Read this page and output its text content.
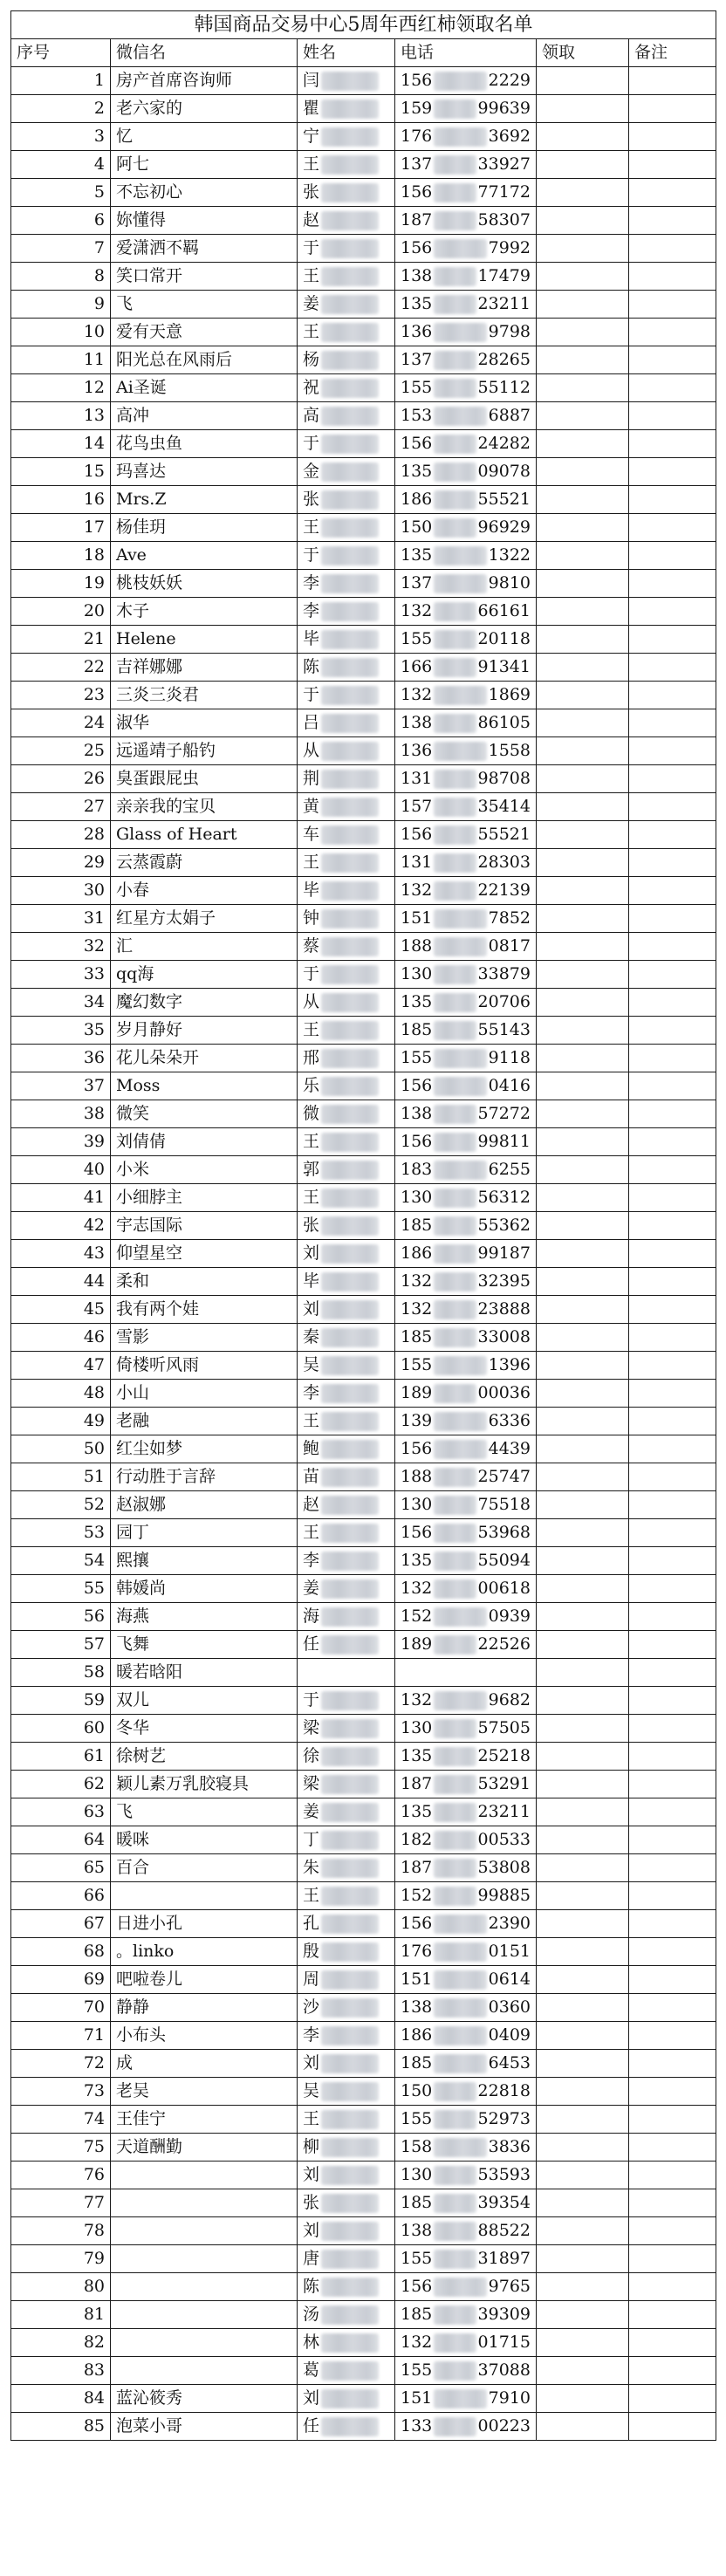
韩国商品交易中心5周年西红柿领取名单					
序号	微信名	姓名	电话	领取	备注
1	房产首席咨询师	闫	156 2229		

2	老六家的	瞿	159 99639		

3	忆	宁	176 3692		

4	阿七	王	137 33927		

5	不忘初心	张	156 77172		

6	妳懂得	赵	187 58307		

7	爱潇洒不羁	于	156 7992		

8	笑口常开	王	138 17479		

9	飞	姜	135 23211		

10	爱有天意	王	136 9798		

11	阳光总在风雨后	杨	137 28265		

12	Ai圣诞	祝	155 55112		

13	高冲	高	153 6887		

14	花鸟虫鱼	于	156 24282		

15	玛喜达	金	135 09078		

16	Mrs.Z	张	186 55521		

17	杨佳玥	王	150 96929		

18	Ave	于	135 1322		

19	桃枝妖妖	李	137 9810		

20	木子	李	132 66161		

21	Helene	毕	155 20118		

22	吉祥娜娜	陈	166 91341		

23	三炎三炎君	于	132 1869		

24	淑华	吕	138 86105		

25	远遥靖子船钓	从	136 1558		

26	臭蛋跟屁虫	荆	131 98708		

27	亲亲我的宝贝	黄	157 35414		

28	Glass of Heart	车	156 55521		

29	云蒸霞蔚	王	131 28303		

30	小春	毕	132 22139		

31	红星方太娟子	钟	151 7852		

32	汇	蔡	188 0817		

33	qq海	于	130 33879		

34	魔幻数字	从	135 20706		

35	岁月静好	王	185 55143		

36	花儿朵朵开	邢	155 9118		

37	Moss	乐	156 0416		

38	微笑	微	138 57272		

39	刘倩倩	王	156 99811		

40	小米	郭	183 6255		

41	小细脖主	王	130 56312		

42	宇志国际	张	185 55362		

43	仰望星空	刘	186 99187		

44	柔和	毕	132 32395		

45	我有两个娃	刘	132 23888		

46	雪影	秦	185 33008		

47	倚楼听风雨	吴	155 1396		

48	小山	李	189 00036		

49	老融	王	139 6336		

50	红尘如梦	鲍	156 4439		

51	行动胜于言辞	苗	188 25747		

52	赵淑娜	赵	130 75518		

53	园丁	王	156 53968		

54	熙攘	李	135 55094		

55	韩媛尚	姜	132 00618		

56	海燕	海	152 0939		

57	飞舞	任	189 22526		

58	暖若晗阳				
59	双儿	于	132 9682		

60	冬华	梁	130 57505		

61	徐树艺	徐	135 25218		

62	颖儿素万乳胶寝具	梁	187 53291		

63	飞	姜	135 23211		

64	暖咪	丁	182 00533		

65	百合	朱	187 53808		

66		王	152 99885		

67	日进小孔	孔	156 2390		

68	。linko	殷	176 0151		

69	吧啦卷儿	周	151 0614		

70	静静	沙	138 0360		

71	小布头	李	186 0409		

72	成	刘	185 6453		

73	老吴	吴	150 22818		

74	王佳宁	王	155 52973		

75	天道酬勤	柳	158 3836		

76		刘	130 53593		

77		张	185 39354		

78		刘	138 88522		

79		唐	155 31897		

80		陈	156 9765		

81		汤	185 39309		

82		林	132 01715		

83		葛	155 37088		

84	蓝沁筱秀	刘	151 7910		

85	泡菜小哥	任	133 00223		
